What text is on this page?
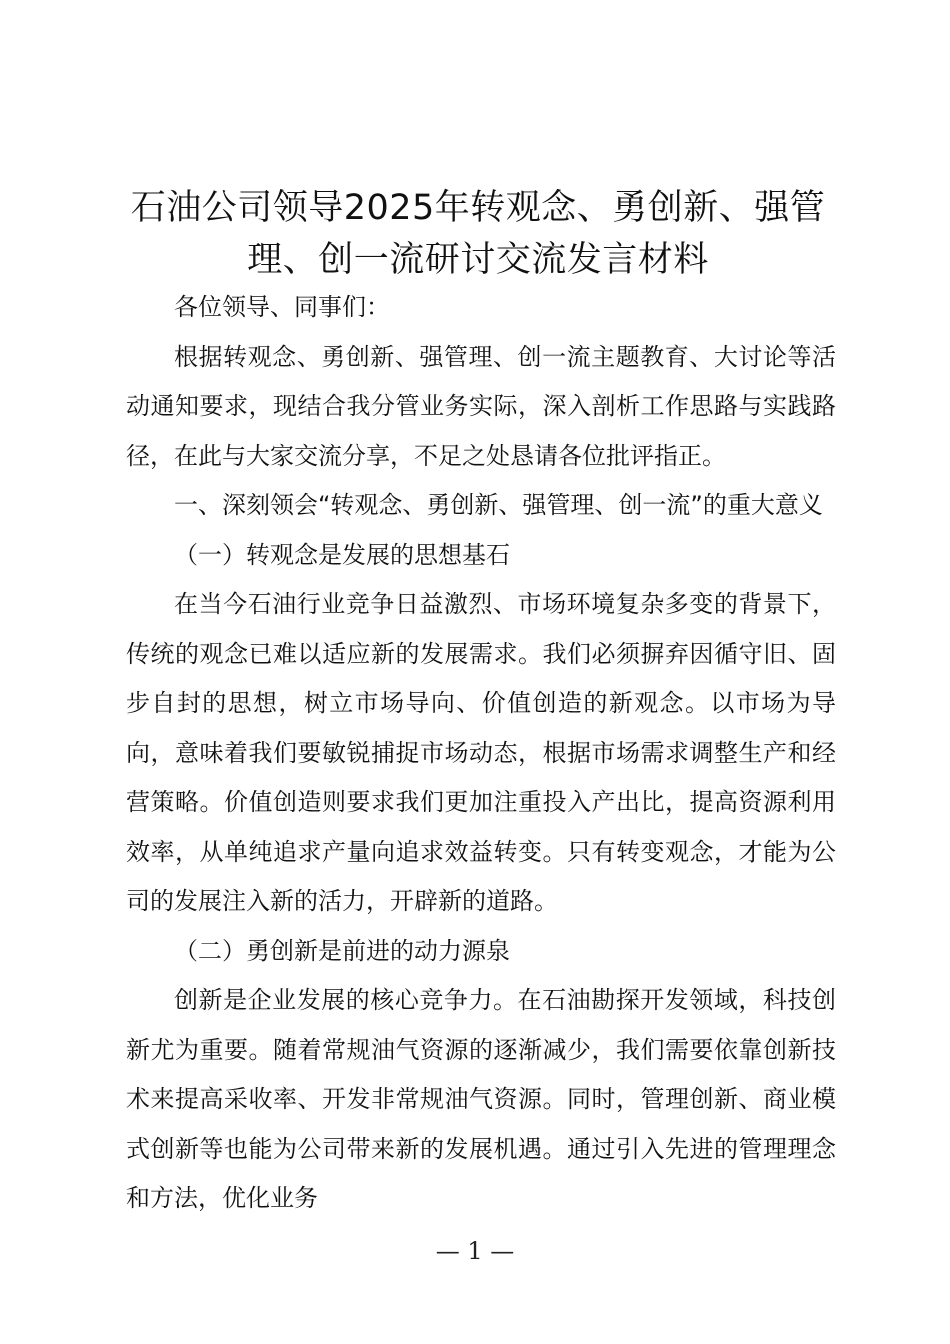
石油公司领导2025年转观念、勇创新、强管理、创一流研讨交流发言材料

各位领导、同事们：

根据转观念、勇创新、强管理、创一流主题教育、大讨论等活动通知要求，现结合我分管业务实际，深入剖析工作思路与实践路径，在此与大家交流分享，不足之处恳请各位批评指正。

一、深刻领会“转观念、勇创新、强管理、创一流”的重大意义

（一）转观念是发展的思想基石

在当今石油行业竞争日益激烈、市场环境复杂多变的背景下，传统的观念已难以适应新的发展需求。我们必须摒弃因循守旧、固步自封的思想，树立市场导向、价值创造的新观念。以市场为导向，意味着我们要敏锐捕捉市场动态，根据市场需求调整生产和经营策略。价值创造则要求我们更加注重投入产出比，提高资源利用效率，从单纯追求产量向追求效益转变。只有转变观念，才能为公司的发展注入新的活力，开辟新的道路。

（二）勇创新是前进的动力源泉

创新是企业发展的核心竞争力。在石油勘探开发领域，科技创新尤为重要。随着常规油气资源的逐渐减少，我们需要依靠创新技术来提高采收率、开发非常规油气资源。同时，管理创新、商业模式创新等也能为公司带来新的发展机遇。通过引入先进的管理理念和方法，优化业务

— 1 —
